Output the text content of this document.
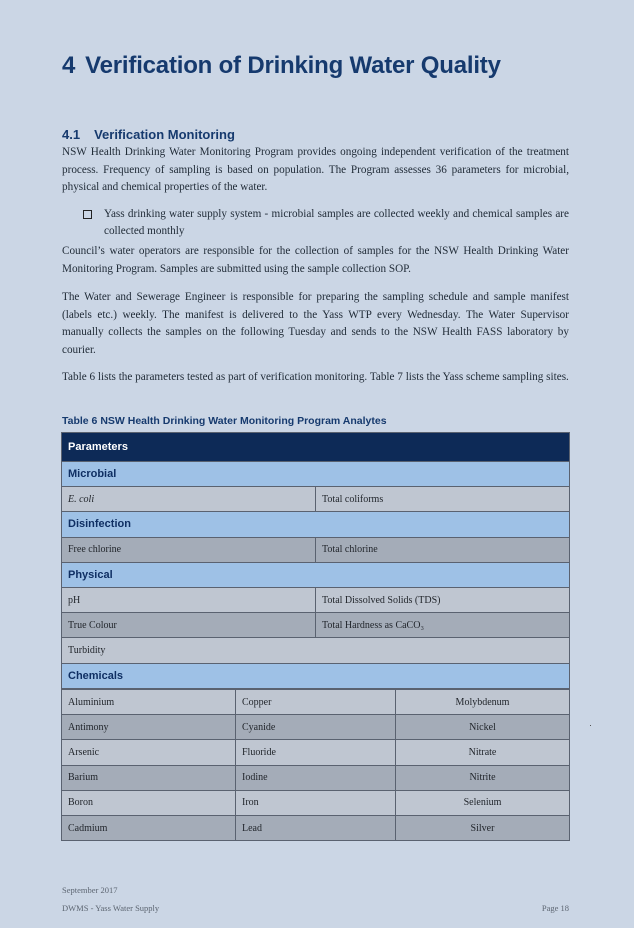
4 Verification of Drinking Water Quality
4.1 Verification Monitoring

NSW Health Drinking Water Monitoring Program provides ongoing independent verification of the treatment process. Frequency of sampling is based on population. The Program assesses 36 parameters for microbial, physical and chemical properties of the water.

Yass drinking water supply system - microbial samples are collected weekly and chemical samples are collected monthly

Council’s water operators are responsible for the collection of samples for the NSW Health Drinking Water Monitoring Program. Samples are submitted using the sample collection SOP.

The Water and Sewerage Engineer is responsible for preparing the sampling schedule and sample manifest (labels etc.) weekly. The manifest is delivered to the Yass WTP every Wednesday. The Water Supervisor manually collects the samples on the following Tuesday and sends to the NSW Health FASS laboratory by courier.

Table 6 lists the parameters tested as part of verification monitoring. Table 7 lists the Yass scheme sampling sites.

Table 6 NSW Health Drinking Water Monitoring Program Analytes

Parameters	
Microbial	
E. coli	Total coliforms
Disinfection	
Free chlorine	Total chlorine
Physical	
pH	Total Dissolved Solids (TDS)
True Colour	Total Hardness as CaCO₃
Turbidity	
Chemicals	
Aluminium	Copper	Molybdenum
Antimony	Cyanide	Nickel
Arsenic	Fluoride	Nitrate
Barium	Iodine	Nitrite
Boron	Iron	Selenium
Cadmium	Lead	Silver

September 2017

DWMS - Yass Water Supply	Page 18
